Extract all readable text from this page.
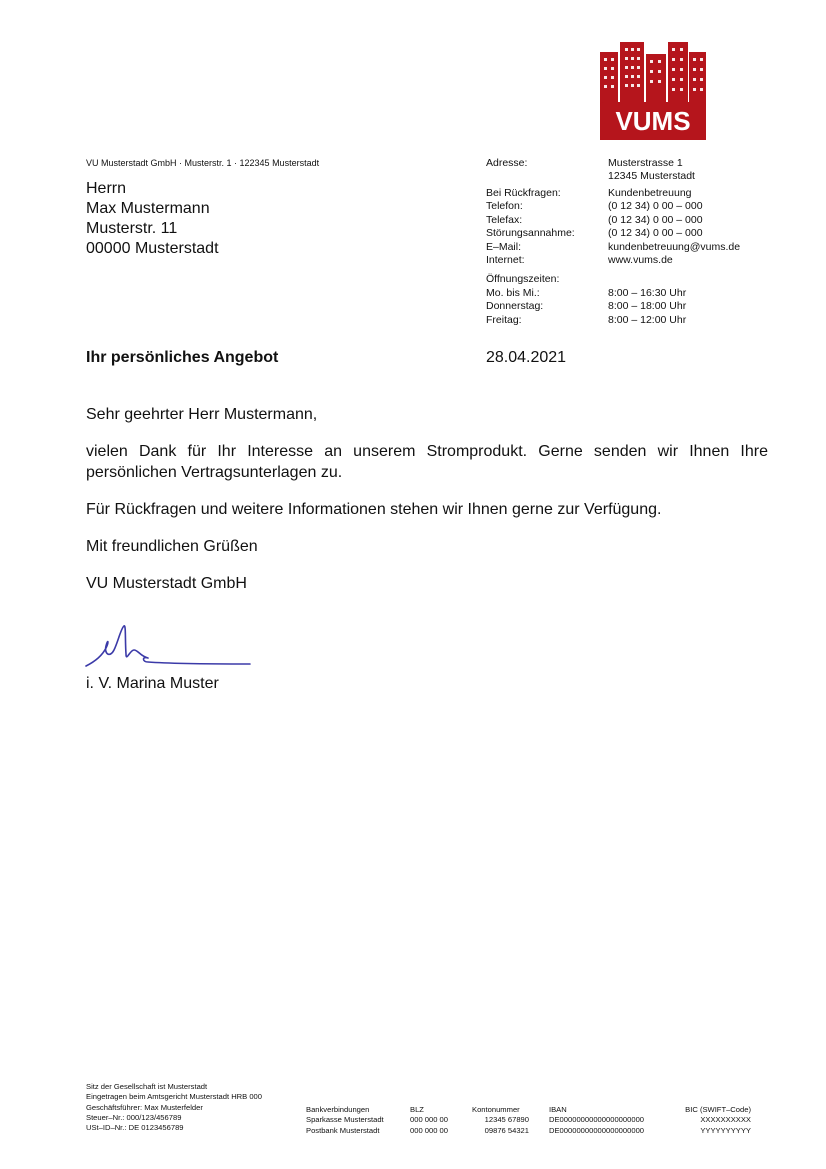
VUMS
VU Musterstadt GmbH · Musterstr. 1 · 122345 Musterstadt
Herrn
Max Mustermann
Musterstr. 11
00000 Musterstadt
Adresse:	Musterstrasse 1
12345 Musterstadt
Bei Rückfragen:	Kundenbetreuung
Telefon:	(0 12 34) 0 00 – 000
Telefax:	(0 12 34) 0 00 – 000
Störungsannahme:	(0 12 34) 0 00 – 000
E–Mail:	kundenbetreuung@vums.de
Internet:	www.vums.de
Öffnungszeiten:
Mo. bis Mi.:	8:00 – 16:30 Uhr
Donnerstag:	8:00 – 18:00 Uhr
Freitag:	8:00 – 12:00 Uhr
Ihr persönliches Angebot	28.04.2021

Sehr geehrter Herr Mustermann,

vielen Dank für Ihr Interesse an unserem Stromprodukt. Gerne senden wir Ihnen Ihre persönlichen Vertragsunterlagen zu.

Für Rückfragen und weitere Informationen stehen wir Ihnen gerne zur Verfügung.

Mit freundlichen Grüßen

VU Musterstadt GmbH

i. V. Marina Muster
Sitz der Gesellschaft ist Musterstadt
Eingetragen beim Amtsgericht Musterstadt HRB 000
Geschäftsführer: Max Musterfelder
Steuer–Nr.: 000/123/456789
USt–ID–Nr.: DE 0123456789
Bankverbindungen	BLZ	Kontonummer	IBAN	BIC (SWIFT–Code)
Sparkasse Musterstadt	000 000 00	12345 67890	DE00000000000000000000	XXXXXXXXXX
Postbank Musterstadt	000 000 00	09876 54321	DE00000000000000000000	YYYYYYYYYY
